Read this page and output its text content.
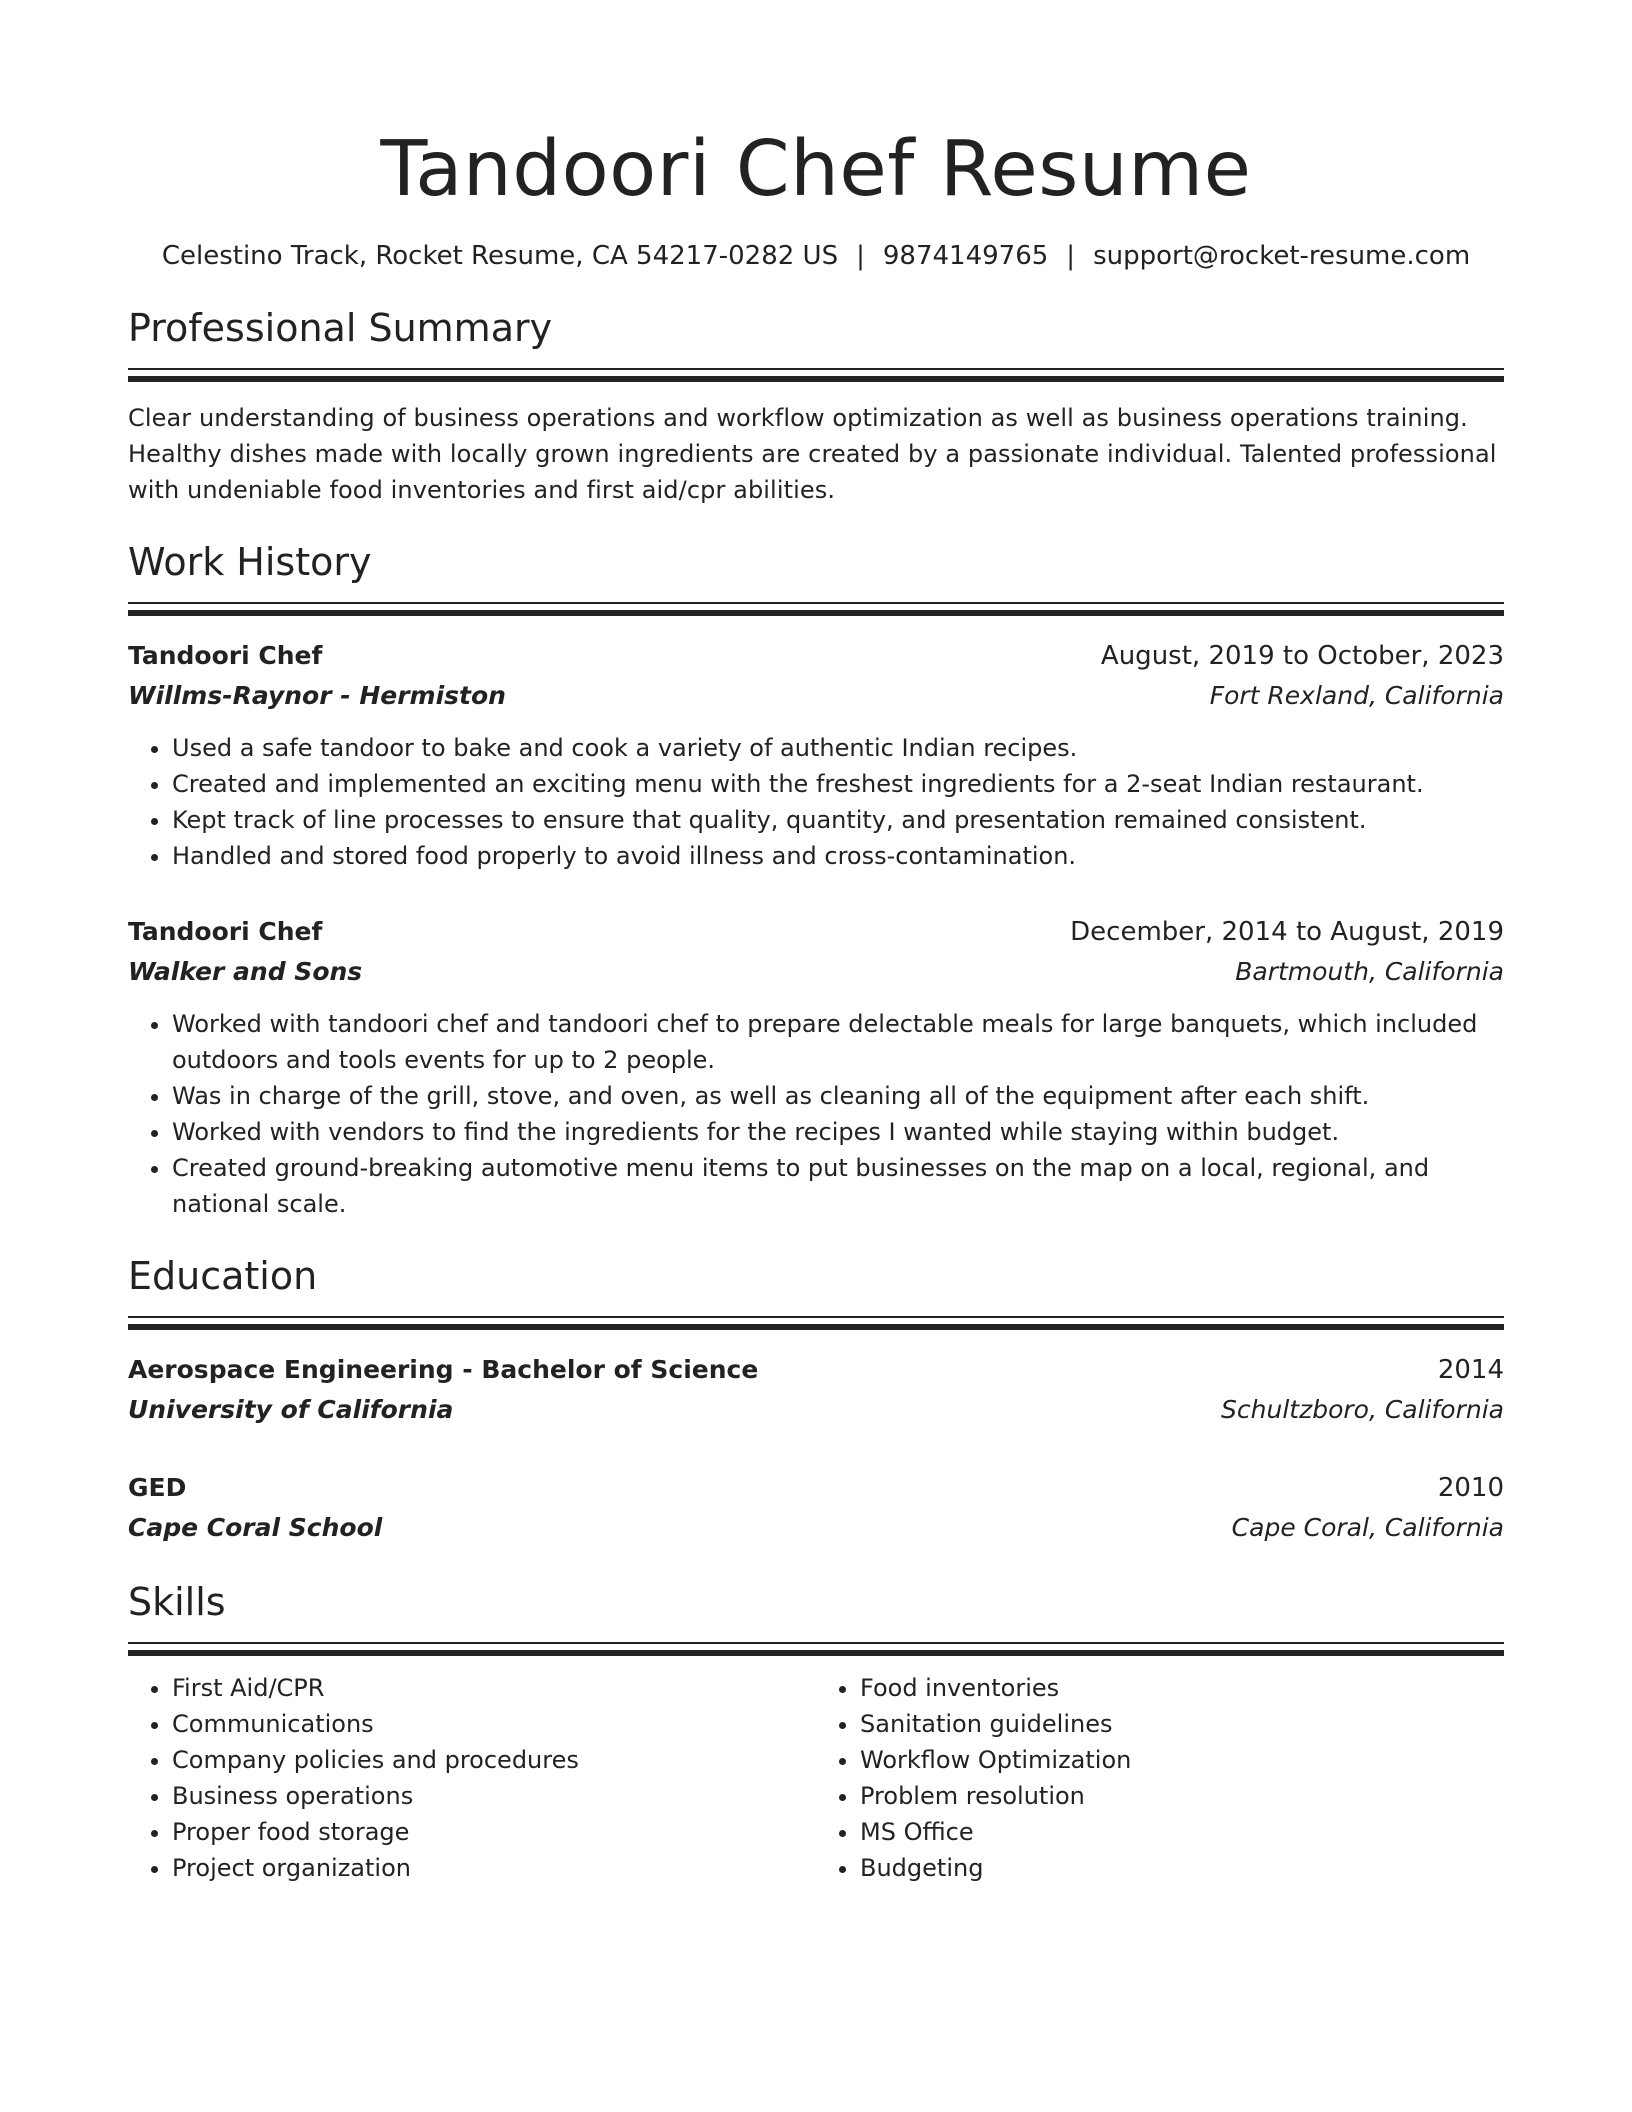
Tandoori Chef Resume
Celestino Track, Rocket Resume, CA 54217-0282 US | 9874149765 | support@rocket-resume.com
Professional Summary
Clear understanding of business operations and workflow optimization as well as business operations training. Healthy dishes made with locally grown ingredients are created by a passionate individual. Talented professional with undeniable food inventories and first aid/cpr abilities.
Work History
Tandoori Chef	August, 2019 to October, 2023
Willms-Raynor - Hermiston	Fort Rexland, California
• Used a safe tandoor to bake and cook a variety of authentic Indian recipes.
• Created and implemented an exciting menu with the freshest ingredients for a 2-seat Indian restaurant.
• Kept track of line processes to ensure that quality, quantity, and presentation remained consistent.
• Handled and stored food properly to avoid illness and cross-contamination.
Tandoori Chef	December, 2014 to August, 2019
Walker and Sons	Bartmouth, California
• Worked with tandoori chef and tandoori chef to prepare delectable meals for large banquets, which included outdoors and tools events for up to 2 people.
• Was in charge of the grill, stove, and oven, as well as cleaning all of the equipment after each shift.
• Worked with vendors to find the ingredients for the recipes I wanted while staying within budget.
• Created ground-breaking automotive menu items to put businesses on the map on a local, regional, and national scale.
Education
Aerospace Engineering - Bachelor of Science	2014
University of California	Schultzboro, California
GED	2010
Cape Coral School	Cape Coral, California
Skills
• First Aid/CPR
• Communications
• Company policies and procedures
• Business operations
• Proper food storage
• Project organization
• Food inventories
• Sanitation guidelines
• Workflow Optimization
• Problem resolution
• MS Office
• Budgeting
